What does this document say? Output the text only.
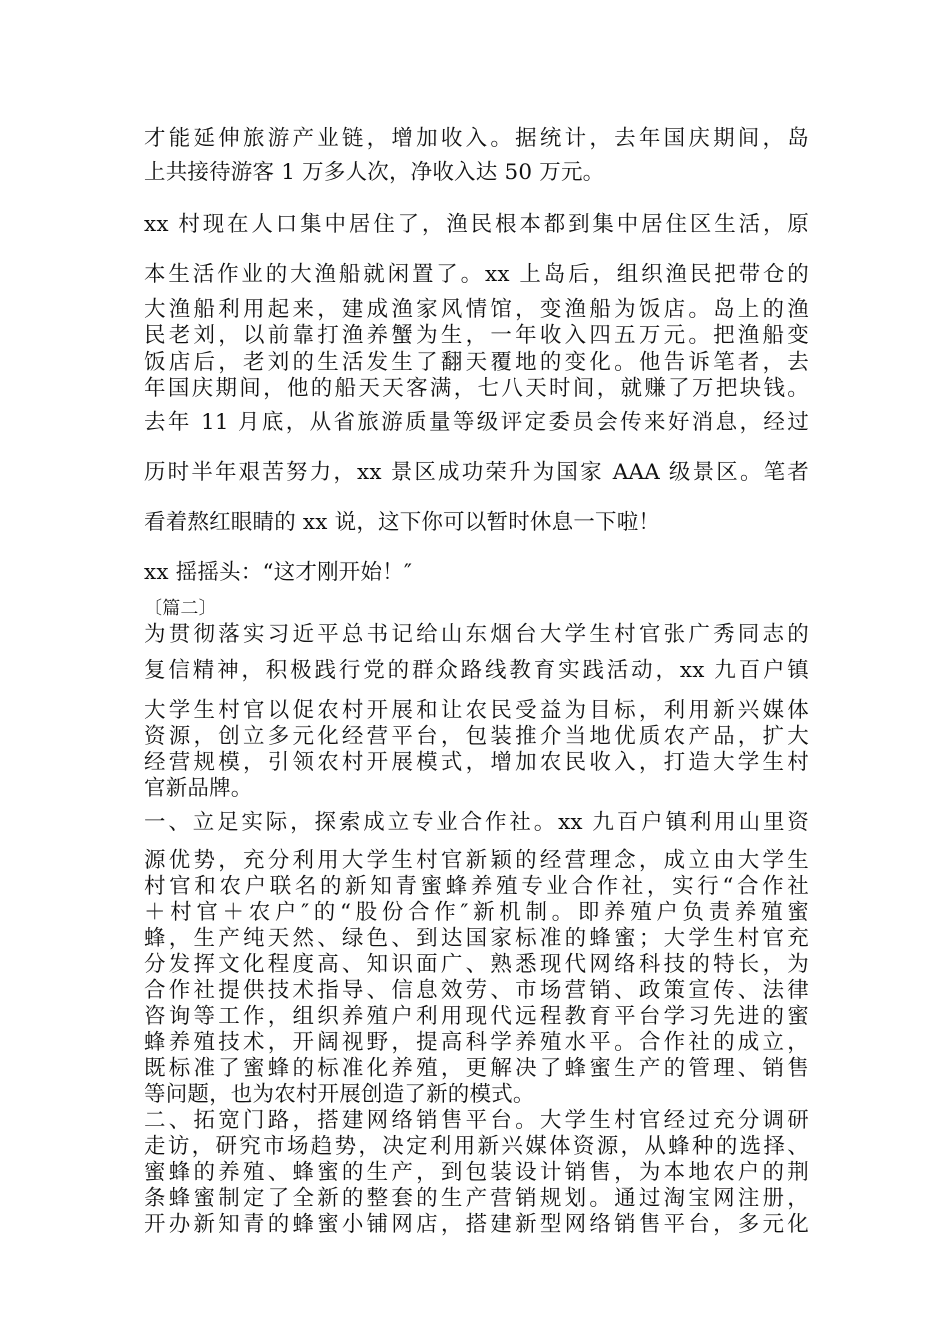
才能延伸旅游产业链，增加收入。据统计，去年国庆期间，岛
上共接待游客 1 万多人次，净收入达 50 万元。
xx 村现在人口集中居住了，渔民根本都到集中居住区生活，原
本生活作业的大渔船就闲置了。xx 上岛后，组织渔民把带仓的
大渔船利用起来，建成渔家风情馆，变渔船为饭店。岛上的渔
民老刘，以前靠打渔养蟹为生，一年收入四五万元。把渔船变
饭店后，老刘的生活发生了翻天覆地的变化。他告诉笔者，去
年国庆期间，他的船天天客满，七八天时间，就赚了万把块钱。
去年 11 月底，从省旅游质量等级评定委员会传来好消息，经过
历时半年艰苦努力，xx 景区成功荣升为国家 AAA 级景区。笔者
看着熬红眼睛的 xx 说，这下你可以暂时休息一下啦！
xx 摇摇头：“这才刚开始！″
〔篇二〕
为贯彻落实习近平总书记给山东烟台大学生村官张广秀同志的
复信精神，积极践行党的群众路线教育实践活动，xx 九百户镇
大学生村官以促农村开展和让农民受益为目标，利用新兴媒体
资源，创立多元化经营平台，包装推介当地优质农产品，扩大
经营规模，引领农村开展模式，增加农民收入，打造大学生村
官新品牌。
一、立足实际，探索成立专业合作社。xx 九百户镇利用山里资
源优势，充分利用大学生村官新颖的经营理念，成立由大学生
村官和农户联名的新知青蜜蜂养殖专业合作社，实行“合作社
＋村官＋农户″的“股份合作″新机制。即养殖户负责养殖蜜
蜂，生产纯天然、绿色、到达国家标准的蜂蜜；大学生村官充
分发挥文化程度高、知识面广、熟悉现代网络科技的特长，为
合作社提供技术指导、信息效劳、市场营销、政策宣传、法律
咨询等工作，组织养殖户利用现代远程教育平台学习先进的蜜
蜂养殖技术，开阔视野，提高科学养殖水平。合作社的成立，
既标准了蜜蜂的标准化养殖，更解决了蜂蜜生产的管理、销售
等问题，也为农村开展创造了新的模式。
二、拓宽门路，搭建网络销售平台。大学生村官经过充分调研
走访，研究市场趋势，决定利用新兴媒体资源，从蜂种的选择、
蜜蜂的养殖、蜂蜜的生产，到包装设计销售，为本地农户的荆
条蜂蜜制定了全新的整套的生产营销规划。通过淘宝网注册，
开办新知青的蜂蜜小铺网店，搭建新型网络销售平台，多元化
